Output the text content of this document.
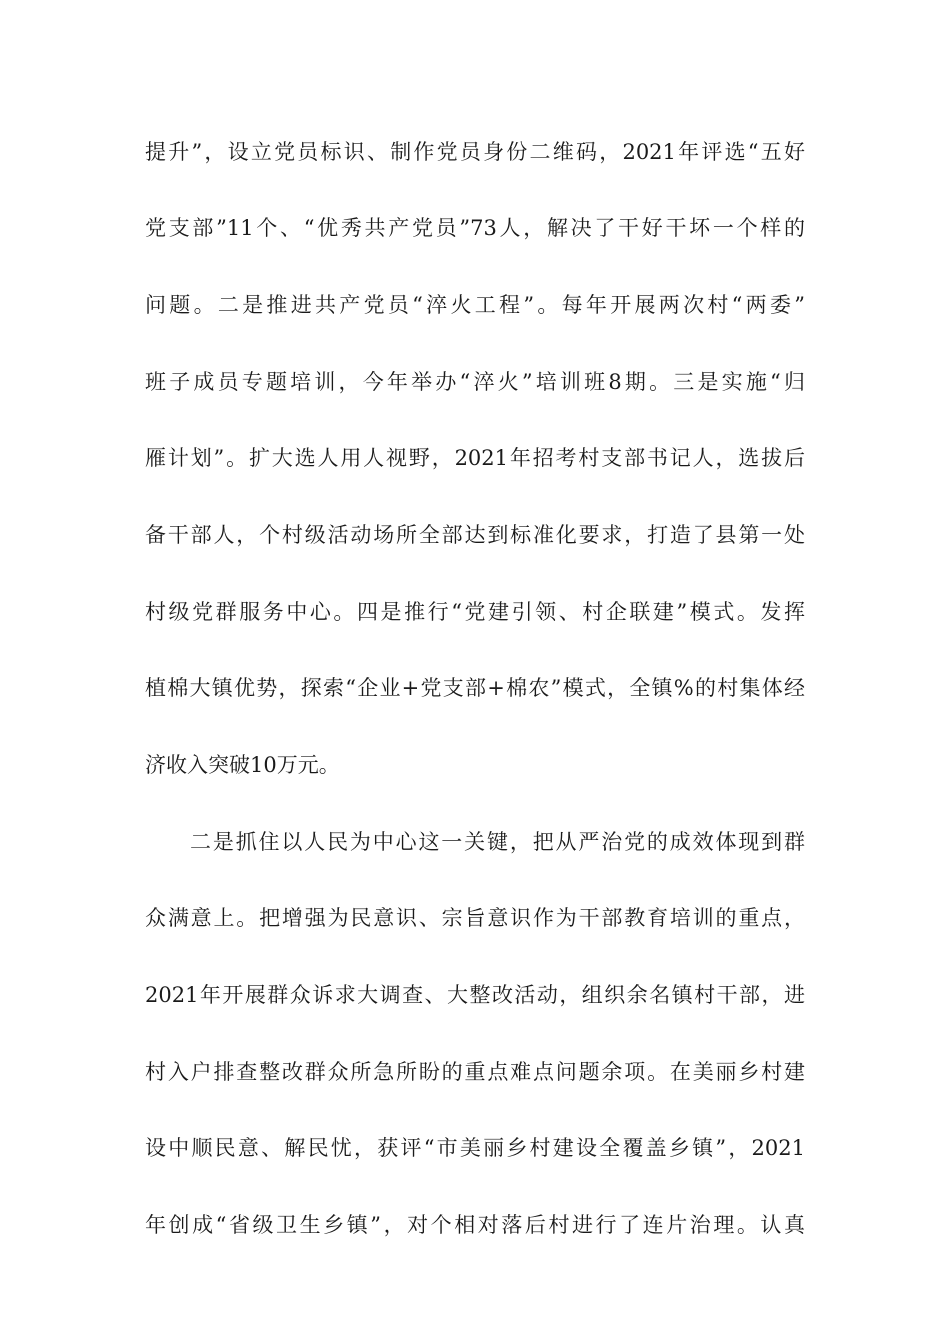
提升”，设立党员标识、制作党员身份二维码，2021年评选“五好
党支部”11个、“优秀共产党员”73人，解决了干好干坏一个样的
问题。二是推进共产党员“淬火工程”。每年开展两次村“两委”
班子成员专题培训，今年举办“淬火”培训班8期。三是实施“归
雁计划”。扩大选人用人视野，2021年招考村支部书记人，选拔后
备干部人，个村级活动场所全部达到标准化要求，打造了县第一处
村级党群服务中心。四是推行“党建引领、村企联建”模式。发挥
植棉大镇优势，探索“企业+党支部+棉农”模式，全镇%的村集体经
济收入突破10万元。
二是抓住以人民为中心这一关键，把从严治党的成效体现到群
众满意上。把增强为民意识、宗旨意识作为干部教育培训的重点，
2021年开展群众诉求大调查、大整改活动，组织余名镇村干部，进
村入户排查整改群众所急所盼的重点难点问题余项。在美丽乡村建
设中顺民意、解民忧，获评“市美丽乡村建设全覆盖乡镇”，2021
年创成“省级卫生乡镇”，对个相对落后村进行了连片治理。认真
